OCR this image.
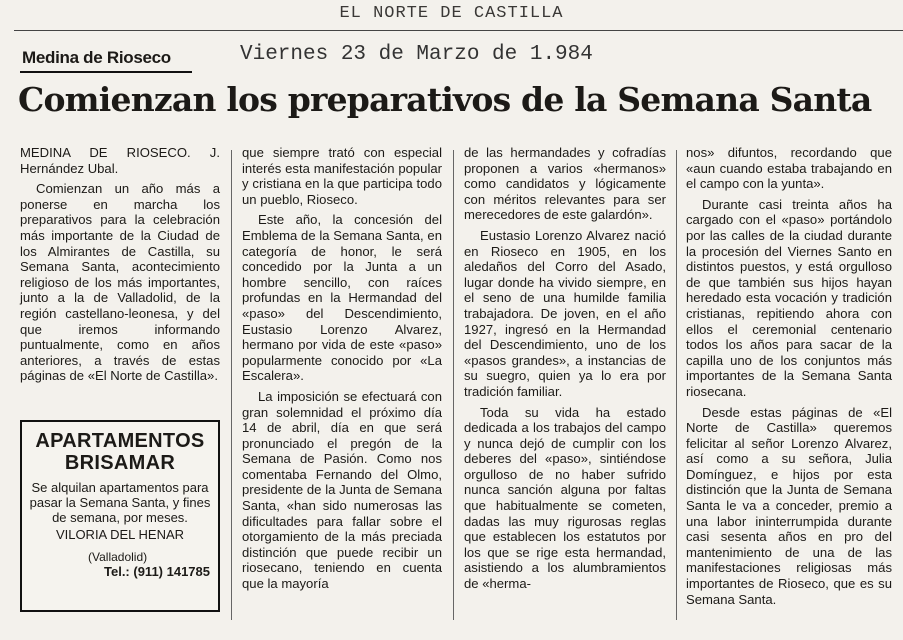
EL NORTE DE CASTILLA
Medina de Rioseco	Viernes 23 de Marzo de 1.984
Comienzan los preparativos de la Semana Santa

MEDINA DE RIOSECO. J. Hernández Ubal.

Comienzan un año más a ponerse en marcha los preparativos para la celebración más importante de la Ciudad de los Almirantes de Castilla, su Semana Santa, acontecimiento religioso de los más importantes, junto a la de Valladolid, de la región castellano-leonesa, y del que iremos informando puntualmente, como en años anteriores, a través de estas páginas de «El Norte de Castilla».

que siempre trató con especial interés esta manifestación popular y cristiana en la que participa todo un pueblo, Rioseco.

Este año, la concesión del Emblema de la Semana Santa, en categoría de honor, le será concedido por la Junta a un hombre sencillo, con raíces profundas en la Hermandad del «paso» del Descendimiento, Eustasio Lorenzo Alvarez, hermano por vida de este «paso» popularmente conocido por «La Escalera».

La imposición se efectuará con gran solemnidad el próximo día 14 de abril, día en que será pronunciado el pregón de la Semana de Pasión. Como nos comentaba Fernando del Olmo, presidente de la Junta de Semana Santa, «han sido numerosas las dificultades para fallar sobre el otorgamiento de la más preciada distinción que puede recibir un riosecano, teniendo en cuenta que la mayoría

de las hermandades y cofradías proponen a varios «hermanos» como candidatos y lógicamente con méritos relevantes para ser merecedores de este galardón».

Eustasio Lorenzo Alvarez nació en Rioseco en 1905, en los aledaños del Corro del Asado, lugar donde ha vivido siempre, en el seno de una humilde familia trabajadora. De joven, en el año 1927, ingresó en la Hermandad del Descendimiento, uno de los «pasos grandes», a instancias de su suegro, quien ya lo era por tradición familiar.

Toda su vida ha estado dedicada a los trabajos del campo y nunca dejó de cumplir con los deberes del «paso», sintiéndose orgulloso de no haber sufrido nunca sanción alguna por faltas que habitualmente se cometen, dadas las muy rigurosas reglas que establecen los estatutos por los que se rige esta hermandad, asistiendo a los alumbramientos de «herma-

nos» difuntos, recordando que «aun cuando estaba trabajando en el campo con la yunta».

Durante casi treinta años ha cargado con el «paso» portándolo por las calles de la ciudad durante la procesión del Viernes Santo en distintos puestos, y está orgulloso de que también sus hijos hayan heredado esta vocación y tradición cristianas, repitiendo ahora con ellos el ceremonial centenario todos los años para sacar de la capilla uno de los conjuntos más importantes de la Semana Santa riosecana.

Desde estas páginas de «El Norte de Castilla» queremos felicitar al señor Lorenzo Alvarez, así como a su señora, Julia Domínguez, e hijos por esta distinción que la Junta de Semana Santa le va a conceder, premio a una labor ininterrumpida durante casi sesenta años en pro del mantenimiento de una de las manifestaciones religiosas más importantes de Rioseco, que es su Semana Santa.

APARTAMENTOS
BRISAMAR
Se alquilan apartamentos para pasar la Semana Santa, y fines de semana, por meses.
VILORIA DEL HENAR
(Valladolid)
Tel.: (911) 141785
